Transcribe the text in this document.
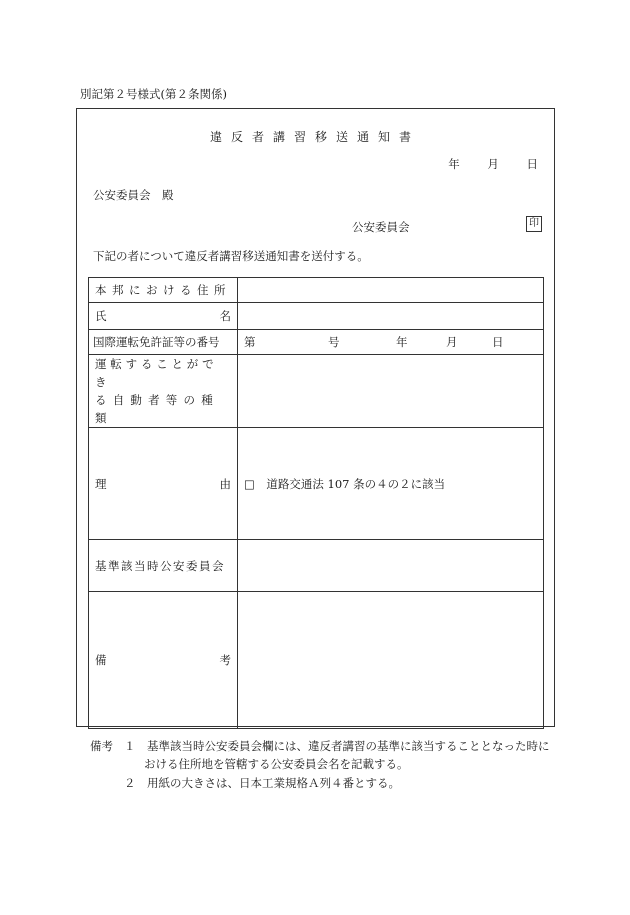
別記第２号様式(第２条関係)
違反者講習移送通知書
年 月 日
公安委員会　殿
公安委員会	印
下記の者について違反者講習移送通知書を送付する。
本邦における住所	

氏 名	

国際運転免許証等の番号	第 号 年 月 日

運転することができ
る自動者等の種類	

理 由	□　道路交通法 107 条の４の２に該当

基準該当時公安委員会	

備 考	

備考 １　基準該当時公安委員会欄には、違反者講習の基準に該当することとなった時に
おける住所地を管轄する公安委員会名を記載する。
２　用紙の大きさは、日本工業規格Ａ列４番とする。
